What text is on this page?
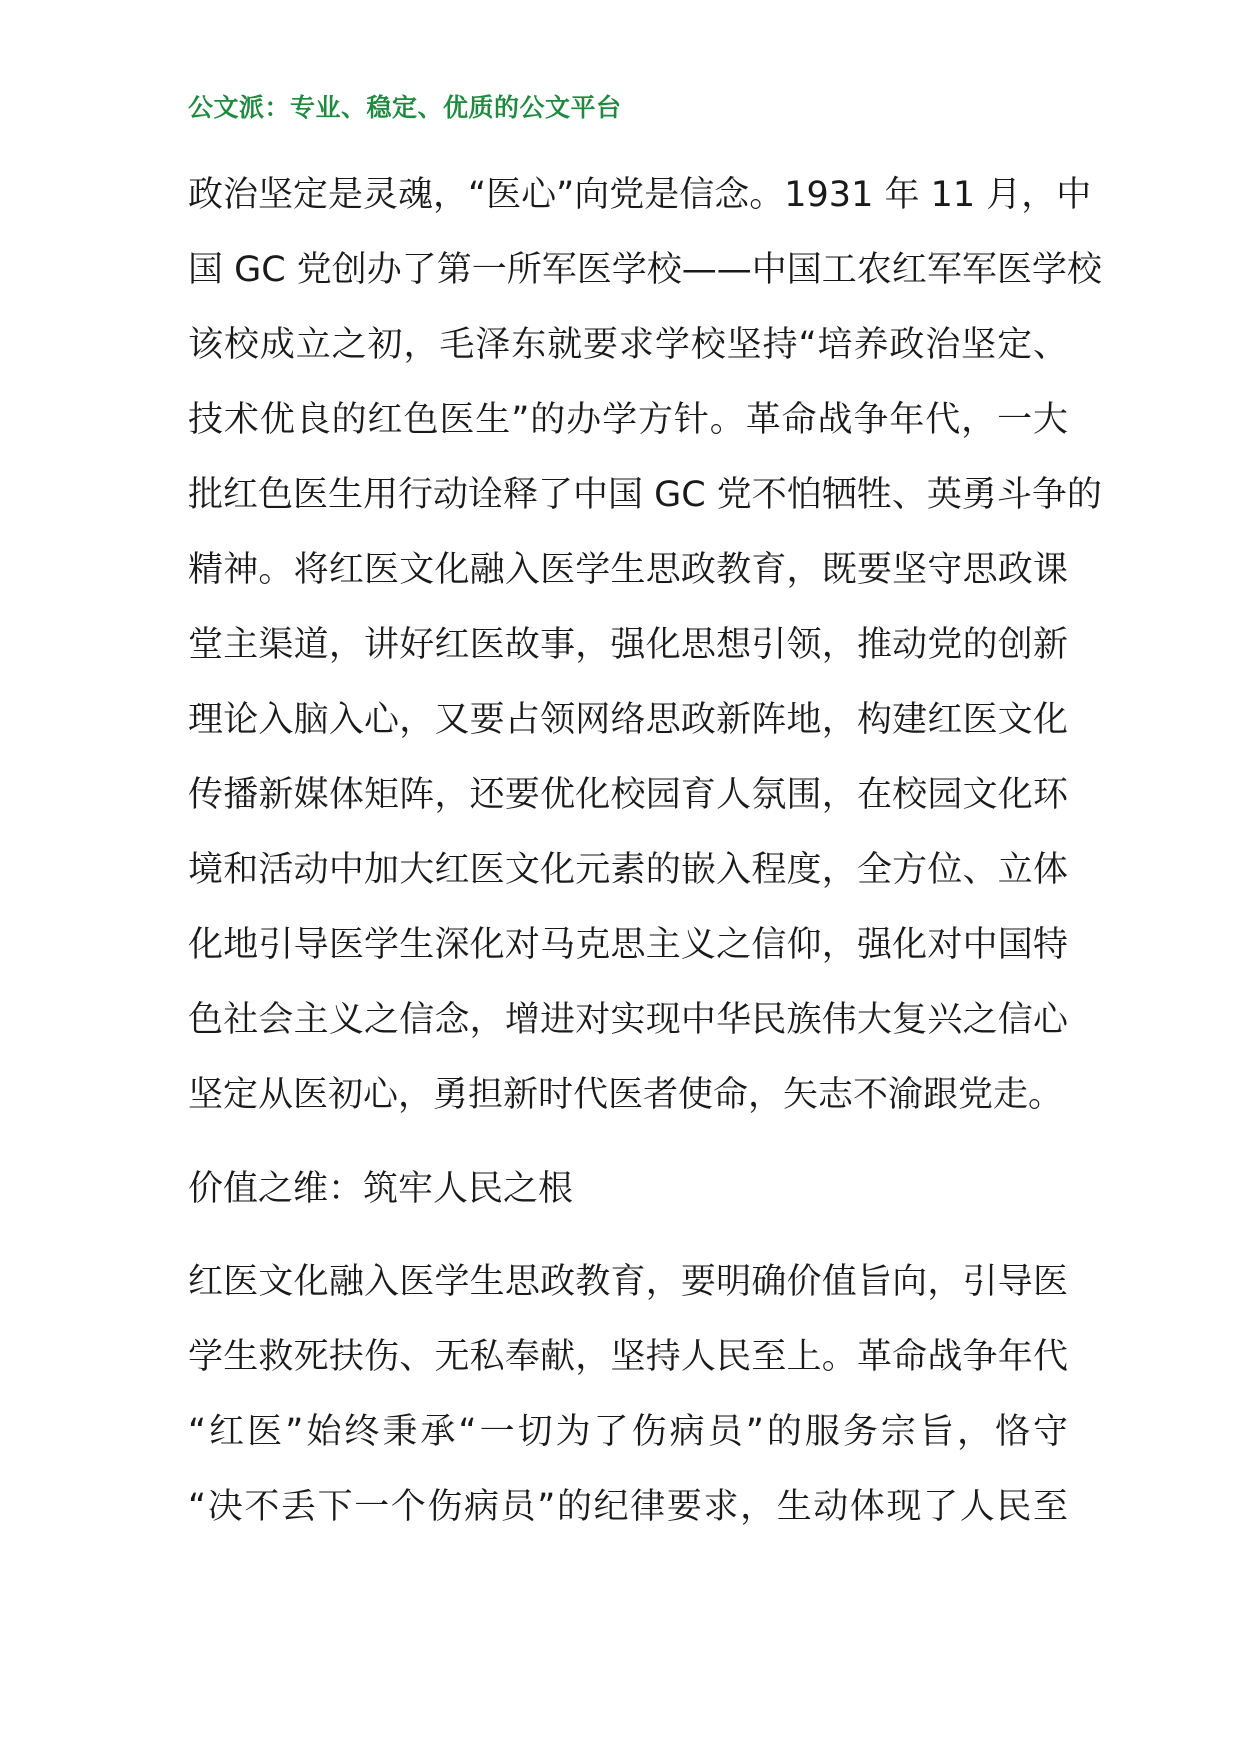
公文派：专业、稳定、优质的公文平台
政治坚定是灵魂，“医心”向党是信念。1931 年 11 月，中
国 GC 党创办了第一所军医学校——中国工农红军军医学校
该校成立之初，毛泽东就要求学校坚持“培养政治坚定、
技术优良的红色医生”的办学方针。革命战争年代，一大
批红色医生用行动诠释了中国 GC 党不怕牺牲、英勇斗争的
精神。将红医文化融入医学生思政教育，既要坚守思政课
堂主渠道，讲好红医故事，强化思想引领，推动党的创新
理论入脑入心，又要占领网络思政新阵地，构建红医文化
传播新媒体矩阵，还要优化校园育人氛围，在校园文化环
境和活动中加大红医文化元素的嵌入程度，全方位、立体
化地引导医学生深化对马克思主义之信仰，强化对中国特
色社会主义之信念，增进对实现中华民族伟大复兴之信心
坚定从医初心，勇担新时代医者使命，矢志不渝跟党走。
价值之维：筑牢人民之根
红医文化融入医学生思政教育，要明确价值旨向，引导医
学生救死扶伤、无私奉献，坚持人民至上。革命战争年代
“红医”始终秉承“一切为了伤病员”的服务宗旨，恪守
“决不丢下一个伤病员”的纪律要求，生动体现了人民至
